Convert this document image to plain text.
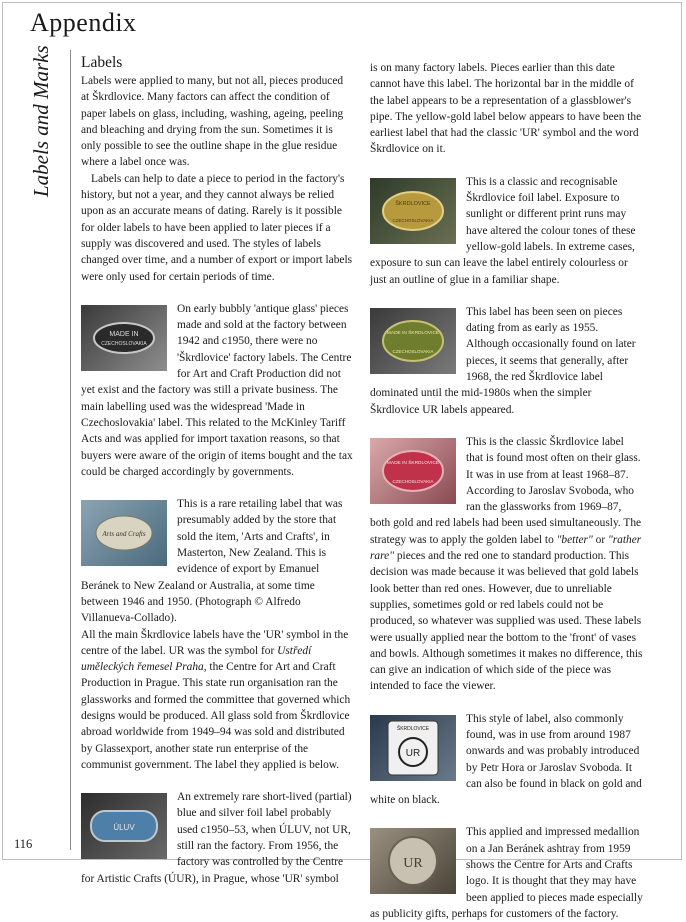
Appendix
Labels and Marks
116

Labels

Labels were applied to many, but not all, pieces produced at Škrdlovice. Many factors can affect the condition of paper labels on glass, including, washing, ageing, peeling and bleaching and drying from the sun. Sometimes it is only possible to see the outline shape in the glue residue where a label once was.

Labels can help to date a piece to period in the factory's history, but not a year, and they cannot always be relied upon as an accurate means of dating. Rarely is it possible for older labels to have been applied to later pieces if a supply was discovered and used. The styles of labels changed over time, and a number of export or import labels were only used for certain periods of time.

MADE IN
CZECHOSLOVAKIA

On early bubbly 'antique glass' pieces made and sold at the factory between 1942 and c1950, there were no 'Škrdlovice' factory labels. The Centre for Art and Craft Production did not yet exist and the factory was still a private business. The main labelling used was the widespread 'Made in Czechoslovakia' label. This related to the McKinley Tariff Acts and was applied for import taxation reasons, so that buyers were aware of the origin of items bought and the tax could be charged accordingly by governments.

Arts and Crafts

This is a rare retailing label that was presumably added by the store that sold the item, 'Arts and Crafts', in Masterton, New Zealand. This is evidence of export by Emanuel Beránek to New Zealand or Australia, at some time between 1946 and 1950. (Photograph © Alfredo Villanueva-Collado).

All the main Škrdlovice labels have the 'UR' symbol in the centre of the label. UR was the symbol for Ustředí uměleckých řemesel Praha, the Centre for Art and Craft Production in Prague. This state run organisation ran the glassworks and formed the committee that governed which designs would be produced. All glass sold from Škrdlovice abroad worldwide from 1949–94 was sold and distributed by Glassexport, another state run enterprise of the communist government. The label they applied is below.

ÚLUV

An extremely rare short-lived (partial) blue and silver foil label probably used c1950–53, when ÚLUV, not UR, still ran the factory. From 1956, the factory was controlled by the Centre for Artistic Crafts (ÚUR), in Prague, whose 'UR' symbol

is on many factory labels. Pieces earlier than this date cannot have this label. The horizontal bar in the middle of the label appears to be a representation of a glassblower's pipe. The yellow-gold label below appears to have been the earliest label that had the classic 'UR' symbol and the word Škrdlovice on it.

ŠKRDLOVICE
CZECHOSLOVAKIA

This is a classic and recognisable Škrdlovice foil label. Exposure to sunlight or different print runs may have altered the colour tones of these yellow-gold labels. In extreme cases, exposure to sun can leave the label entirely colourless or just an outline of glue in a familiar shape.

MADE IN ŠKRDLOVICE
CZECHOSLOVAKIA

This label has been seen on pieces dating from as early as 1955. Although occasionally found on later pieces, it seems that generally, after 1968, the red Škrdlovice label dominated until the mid-1980s when the simpler Škrdlovice UR labels appeared.

MADE IN ŠKRDLOVICE
CZECHOSLOVAKIA

This is the classic Škrdlovice label that is found most often on their glass. It was in use from at least 1968–87. According to Jaroslav Svoboda, who ran the glassworks from 1969–87, both gold and red labels had been used simultaneously. The strategy was to apply the golden label to "better" or "rather rare" pieces and the red one to standard production. This decision was made because it was believed that gold labels look better than red ones. However, due to unreliable supplies, sometimes gold or red labels could not be produced, so whatever was supplied was used. These labels were usually applied near the bottom to the 'front' of vases and bowls. Although sometimes it makes no difference, this can give an indication of which side of the piece was intended to face the viewer.

ŠKRDLOVICE
UR

This style of label, also commonly found, was in use from around 1987 onwards and was probably introduced by Petr Hora or Jaroslav Svoboda. It can also be found in black on gold and white on black.

UR

This applied and impressed medallion on a Jan Beránek ashtray from 1959 shows the Centre for Arts and Crafts logo. It is thought that they may have been applied to pieces made especially as publicity gifts, perhaps for customers of the factory.
